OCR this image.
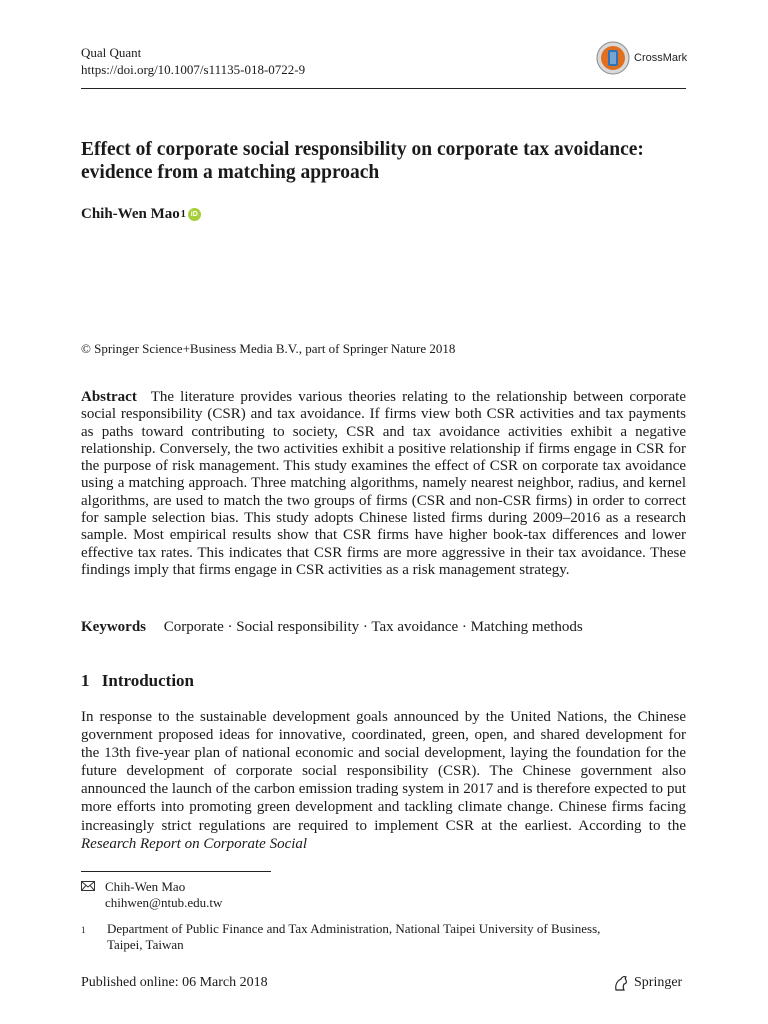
Qual Quant
https://doi.org/10.1007/s11135-018-0722-9
CrossMark
Effect of corporate social responsibility on corporate tax avoidance: evidence from a matching approach
Chih-Wen Mao 1 iD
© Springer Science+Business Media B.V., part of Springer Nature 2018
Abstract The literature provides various theories relating to the relationship between corporate social responsibility (CSR) and tax avoidance. If firms view both CSR activities and tax payments as paths toward contributing to society, CSR and tax avoidance activities exhibit a negative relationship. Conversely, the two activities exhibit a positive relationship if firms engage in CSR for the purpose of risk management. This study examines the effect of CSR on corporate tax avoidance using a matching approach. Three matching algorithms, namely nearest neighbor, radius, and kernel algorithms, are used to match the two groups of firms (CSR and non-CSR firms) in order to correct for sample selection bias. This study adopts Chinese listed firms during 2009–2016 as a research sample. Most empirical results show that CSR firms have higher book-tax differences and lower effective tax rates. This indicates that CSR firms are more aggressive in their tax avoidance. These findings imply that firms engage in CSR activities as a risk management strategy.
Keywords Corporate · Social responsibility · Tax avoidance · Matching methods
1 Introduction
In response to the sustainable development goals announced by the United Nations, the Chinese government proposed ideas for innovative, coordinated, green, open, and shared development for the 13th five-year plan of national economic and social development, laying the foundation for the future development of corporate social responsibility (CSR). The Chinese government also announced the launch of the carbon emission trading system in 2017 and is therefore expected to put more efforts into promoting green development and tackling climate change. Chinese firms facing increasingly strict regulations are required to implement CSR at the earliest. According to the Research Report on Corporate Social
Chih-Wen Mao
chihwen@ntub.edu.tw
1	Department of Public Finance and Tax Administration, National Taipei University of Business,
Taipei, Taiwan
Published online: 06 March 2018	Springer
